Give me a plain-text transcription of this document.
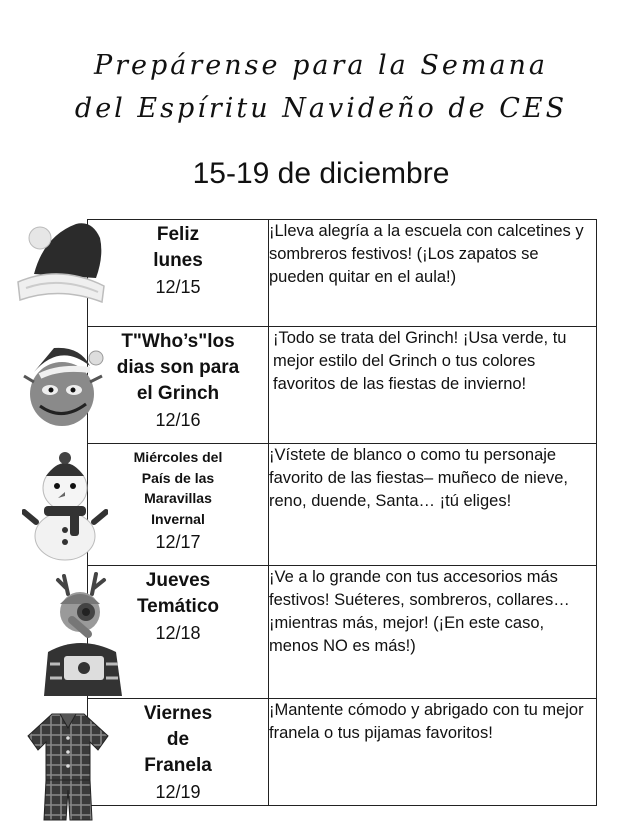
Prepárense para la Semana
del Espíritu Navideño de CES
15-19 de diciembre
Feliz
lunes
12/15	¡Lleva alegría a la escuela con calcetines y sombreros festivos! (¡Los zapatos se pueden quitar en el aula!)

T"Who’s"los
dias son para
el Grinch
12/16	¡Todo se trata del Grinch! ¡Usa verde, tu mejor estilo del Grinch o tus colores favoritos de las fiestas de invierno!

Miércoles del
País de las
Maravillas
Invernal
12/17	¡Vístete de blanco o como tu personaje favorito de las fiestas– muñeco de nieve, reno, duende, Santa… ¡tú eliges!

Jueves
Temático
12/18	¡Ve a lo grande con tus accesorios más festivos! Suéteres, sombreros, collares… ¡mientras más, mejor! (¡En este caso, menos NO es más!)

Viernes
de
Franela
12/19	¡Mantente cómodo y abrigado con tu mejor franela o tus pijamas favoritos!
